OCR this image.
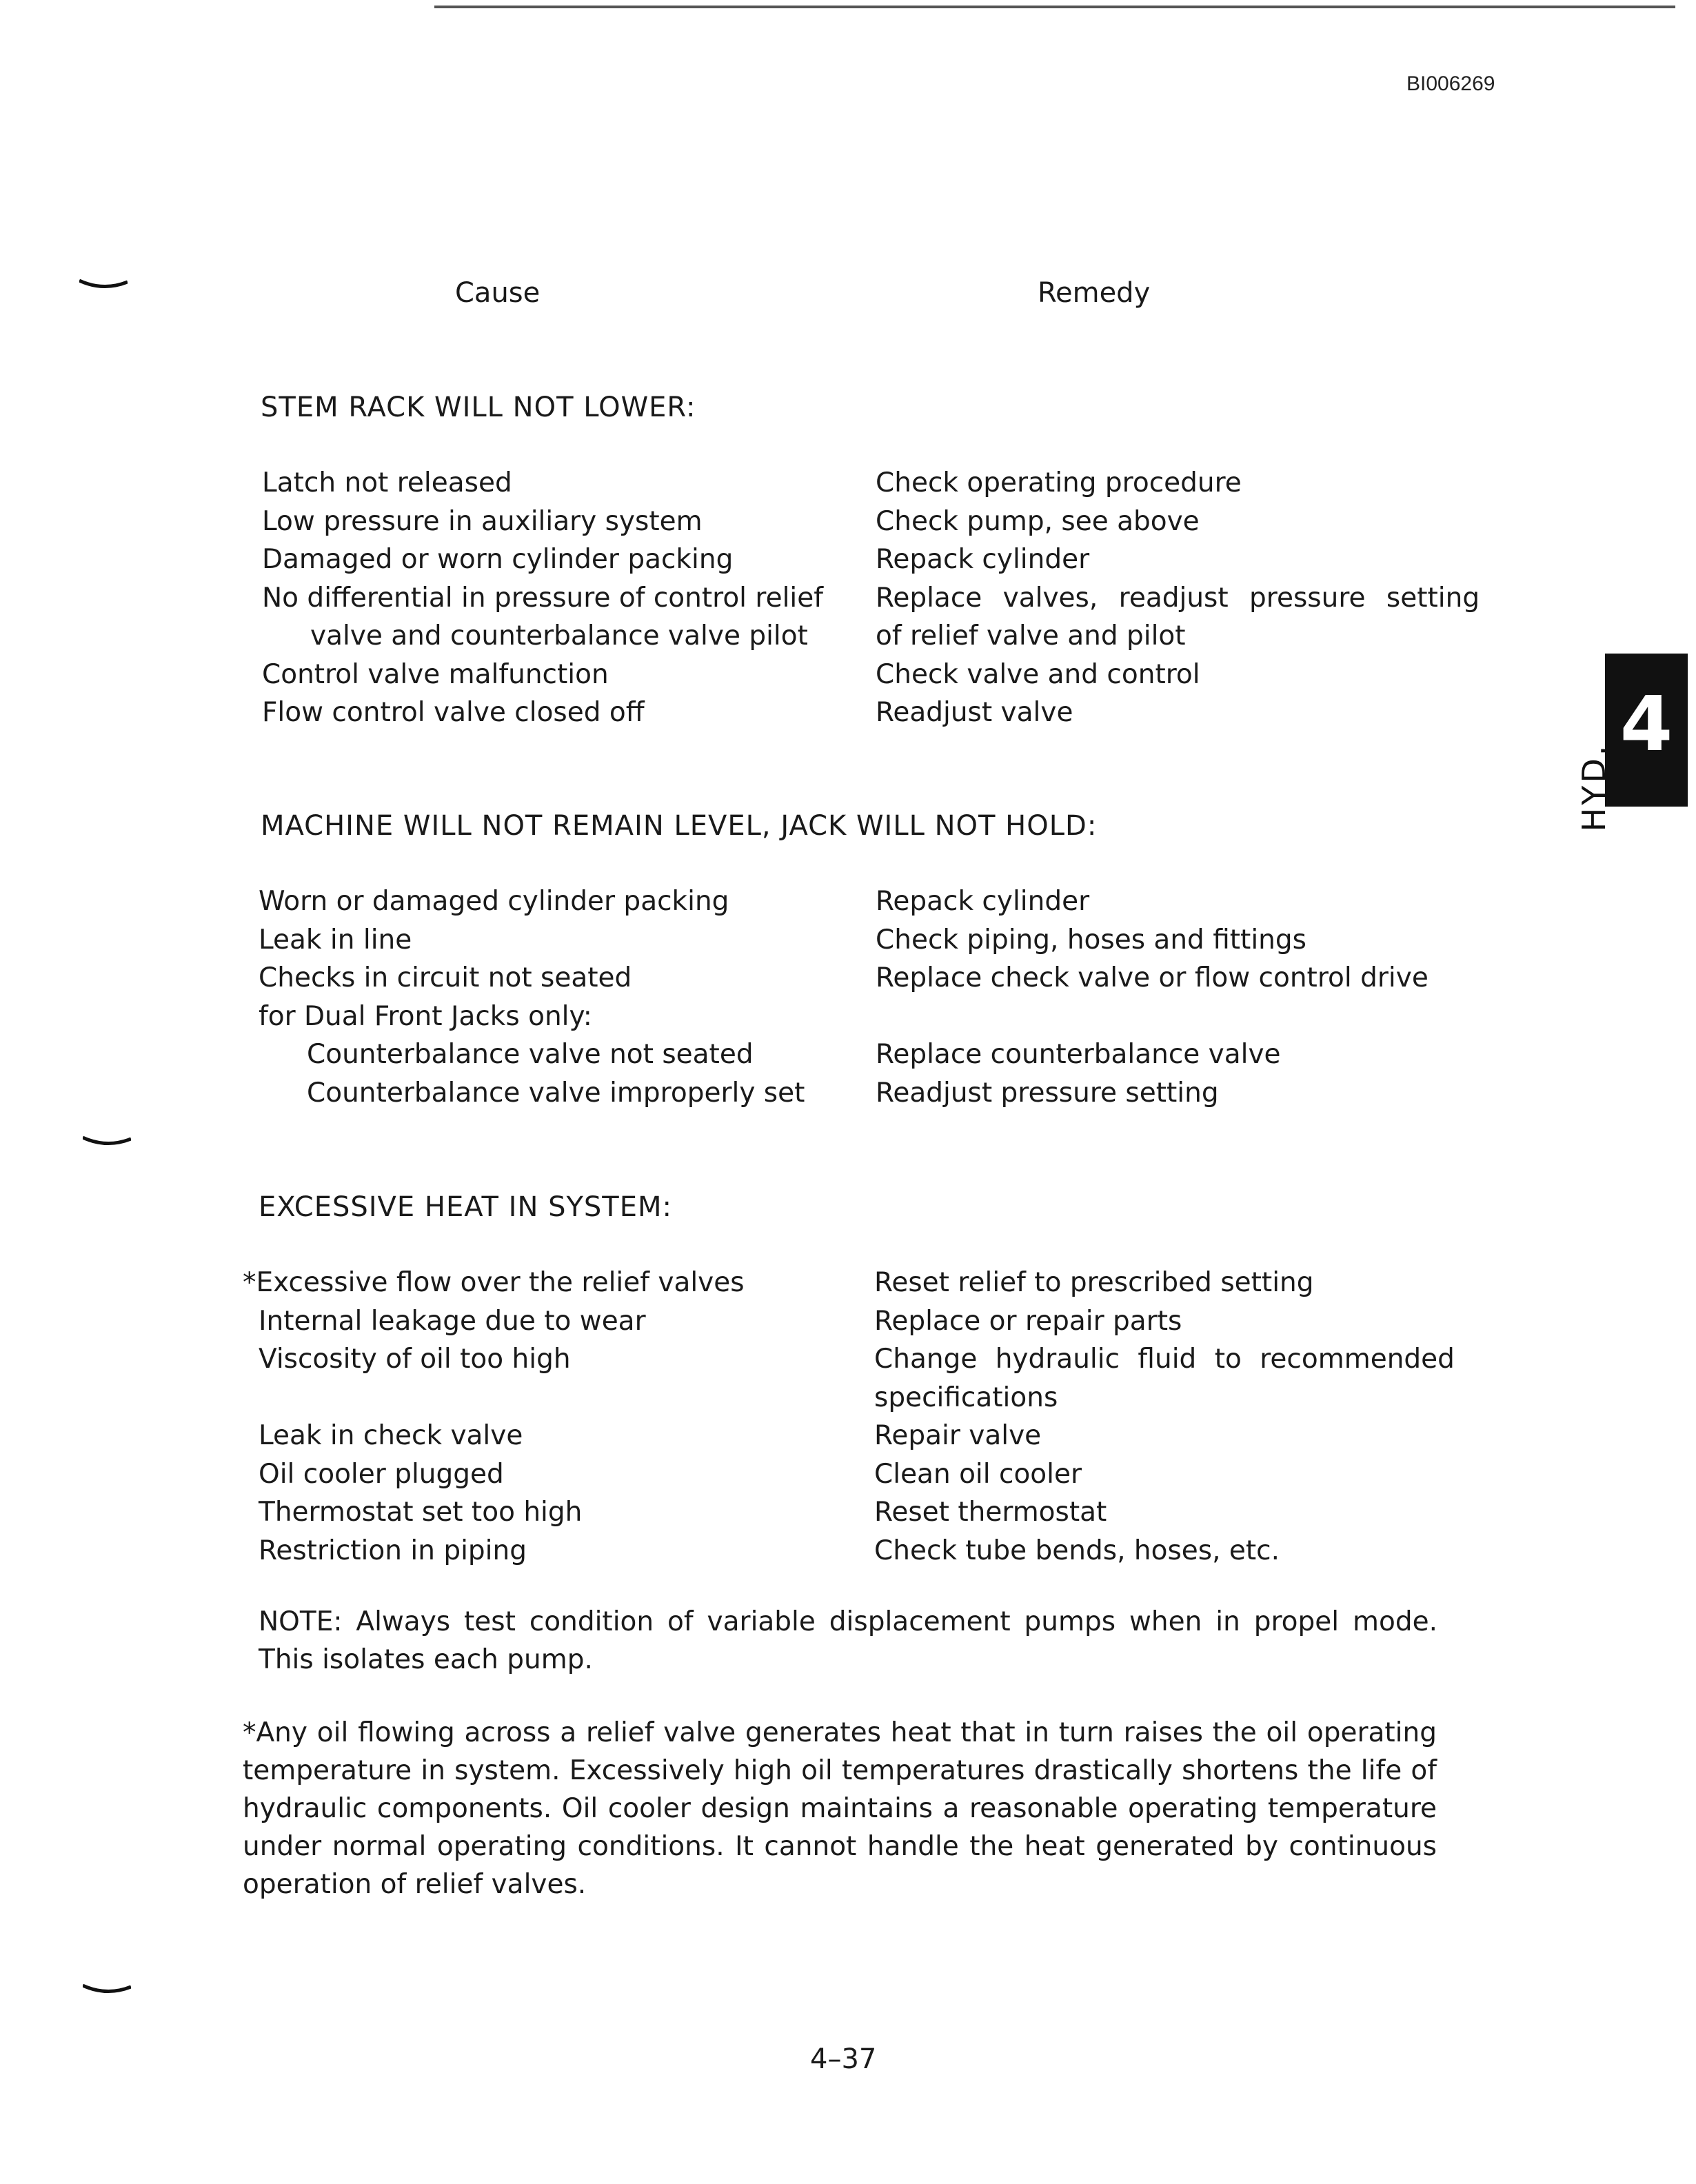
BI006269
Cause	Remedy
STEM RACK WILL NOT LOWER:
Latch not released
Low pressure in auxiliary system
Damaged or worn cylinder packing
No differential in pressure of control relief
valve and counterbalance valve pilot
Control valve malfunction
Flow control valve closed off
Check operating procedure
Check pump, see above
Repack cylinder
Replace valves, readjust pressure setting
of relief valve and pilot
Check valve and control
Readjust valve
MACHINE WILL NOT REMAIN LEVEL, JACK WILL NOT HOLD:
Worn or damaged cylinder packing
Leak in line
Checks in circuit not seated
for Dual Front Jacks only:
Counterbalance valve not seated
Counterbalance valve improperly set
Repack cylinder
Check piping, hoses and fittings
Replace check valve or flow control drive
Replace counterbalance valve
Readjust pressure setting
EXCESSIVE HEAT IN SYSTEM:
*Excessive flow over the relief valves
Internal leakage due to wear
Viscosity of oil too high
Leak in check valve
Oil cooler plugged
Thermostat set too high
Restriction in piping
Reset relief to prescribed setting
Replace or repair parts
Change hydraulic fluid to recommended
specifications
Repair valve
Clean oil cooler
Reset thermostat
Check tube bends, hoses, etc.
NOTE: Always test condition of variable displacement pumps when in propel mode. This isolates each pump.
*Any oil flowing across a relief valve generates heat that in turn raises the oil operating temperature in system. Excessively high oil temperatures drastically shortens the life of hydraulic components. Oil cooler design maintains a reasonable operating temperature under normal operating conditions. It cannot handle the heat generated by continuous operation of relief valves.
4–37
4
HYD.
